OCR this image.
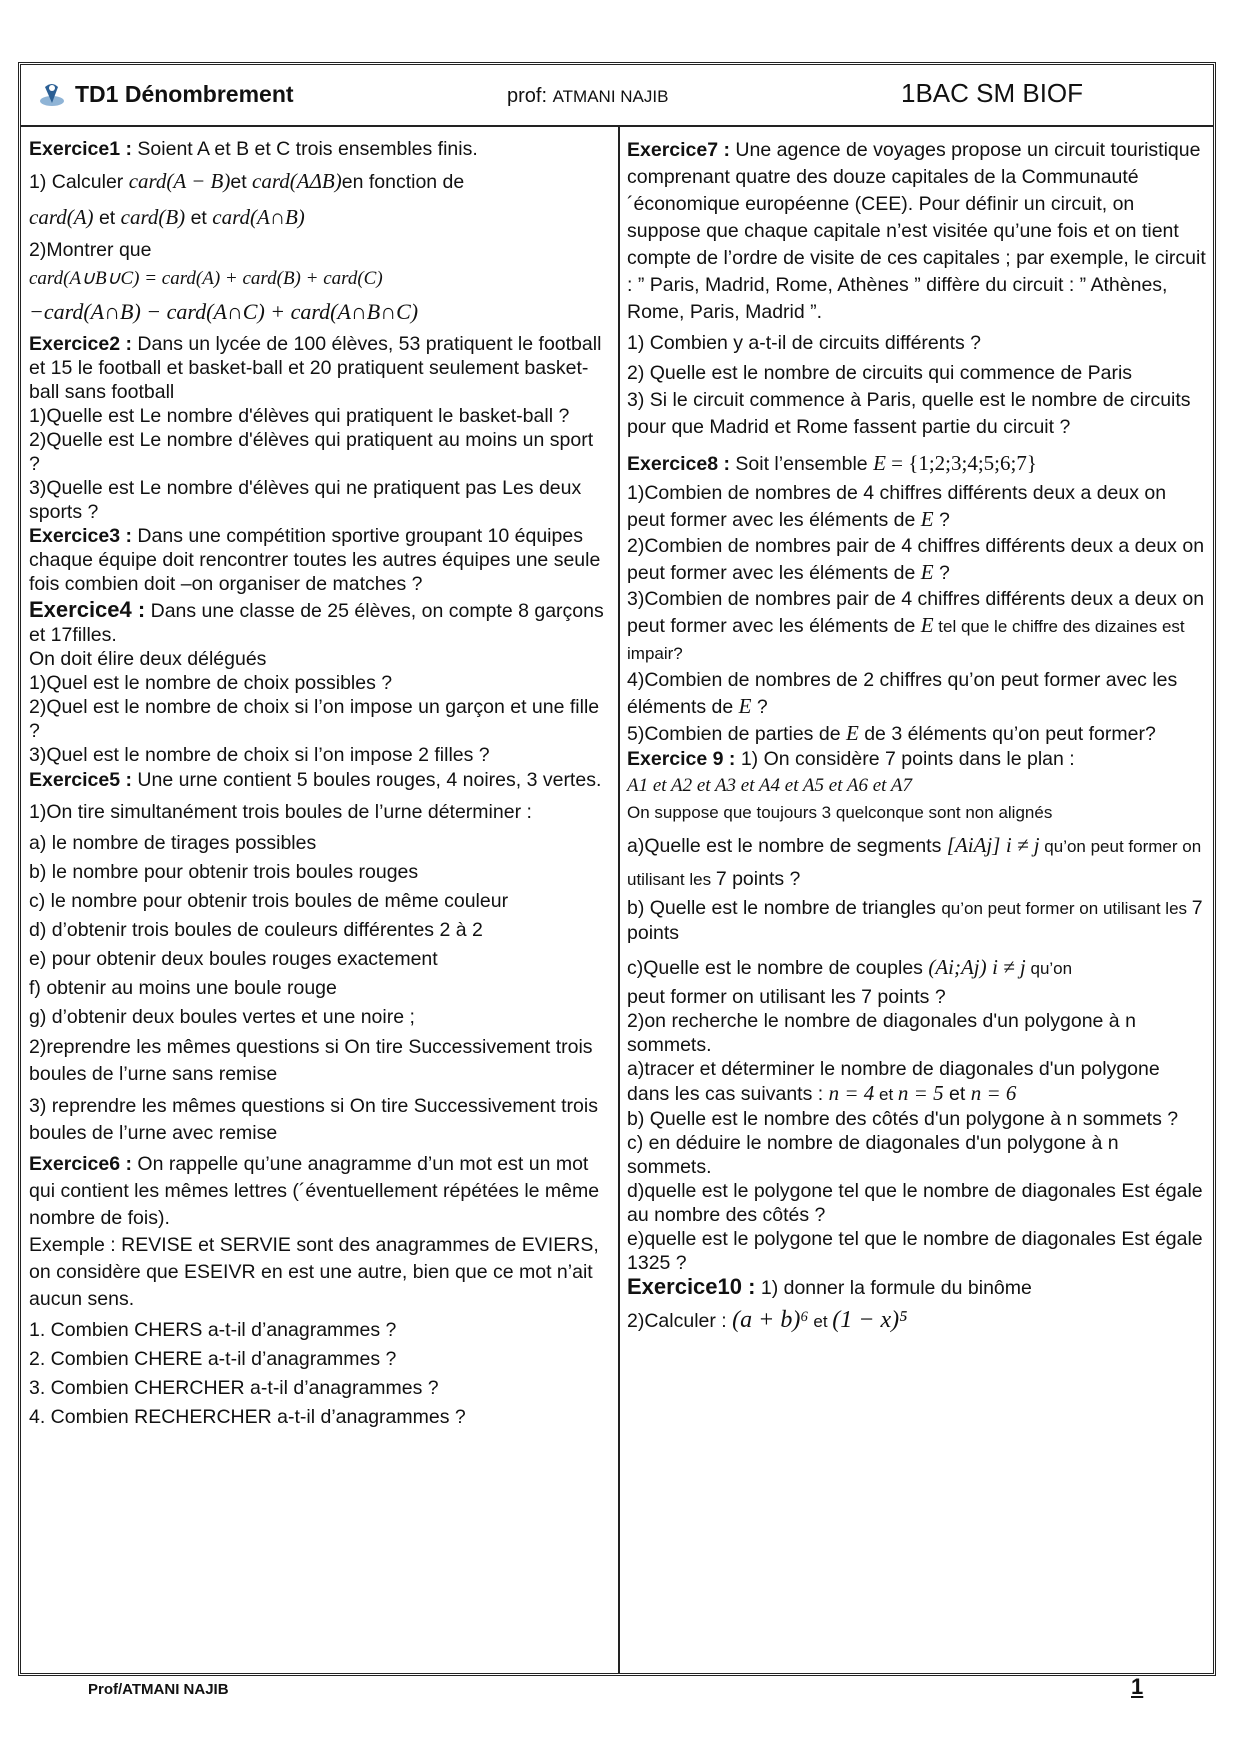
TD1 Dénombrement	prof: ATMANI NAJIB	1BAC SM BIOF

Exercice1 : Soient A et B et C trois ensembles finis.

1) Calculer card(A − B)et card(AΔB)en fonction de

card(A) et card(B) et card(A∩B)

2)Montrer que

card(A∪B∪C) = card(A) + card(B) + card(C)

−card(A∩B) − card(A∩C) + card(A∩B∩C)

Exercice2 : Dans un lycée de 100 élèves, 53 pratiquent le football et 15 le football et basket-ball et 20 pratiquent seulement basket-ball sans football

1)Quelle est Le nombre d'élèves qui pratiquent le basket-ball ?

2)Quelle est Le nombre d'élèves qui pratiquent au moins un sport ?

3)Quelle est Le nombre d'élèves qui ne pratiquent pas Les deux sports ?

Exercice3 : Dans une compétition sportive groupant 10 équipes chaque équipe doit rencontrer toutes les autres équipes une seule fois combien doit –on organiser de matches ?

Exercice4 : Dans une classe de 25 élèves, on compte 8 garçons et 17filles.

On doit élire deux délégués

1)Quel est le nombre de choix possibles ?

2)Quel est le nombre de choix si l’on impose un garçon et une fille ?

3)Quel est le nombre de choix si l’on impose 2 filles ?

Exercice5 : Une urne contient 5 boules rouges, 4 noires, 3 vertes.

1)On tire simultanément trois boules de l’urne déterminer :

a) le nombre de tirages possibles

b) le nombre pour obtenir trois boules rouges

c) le nombre pour obtenir trois boules de même couleur

d) d’obtenir trois boules de couleurs différentes 2 à 2

e) pour obtenir deux boules rouges exactement

f) obtenir au moins une boule rouge

g) d’obtenir deux boules vertes et une noire ;

2)reprendre les mêmes questions si On tire Successivement trois boules de l’urne sans remise

3) reprendre les mêmes questions si On tire Successivement trois boules de l’urne avec remise

Exercice6 : On rappelle qu’une anagramme d’un mot est un mot qui contient les mêmes lettres (´éventuellement répétées le même nombre de fois).

Exemple : REVISE et SERVIE sont des anagrammes de EVIERS, on considère que ESEIVR en est une autre, bien que ce mot n’ait aucun sens.

1. Combien CHERS a-t-il d’anagrammes ?

2. Combien CHERE a-t-il d’anagrammes ?

3. Combien CHERCHER a-t-il d’anagrammes ?

4. Combien RECHERCHER a-t-il d’anagrammes ?

Exercice7 : Une agence de voyages propose un circuit touristique comprenant quatre des douze capitales de la Communauté ´économique européenne (CEE). Pour définir un circuit, on suppose que chaque capitale n’est visitée qu’une fois et on tient compte de l’ordre de visite de ces capitales ; par exemple, le circuit : ” Paris, Madrid, Rome, Athènes ” diffère du circuit : ” Athènes, Rome, Paris, Madrid ”.

1) Combien y a-t-il de circuits différents ?

2) Quelle est le nombre de circuits qui commence de Paris

3) Si le circuit commence à Paris, quelle est le nombre de circuits pour que Madrid et Rome fassent partie du circuit ?

Exercice8 : Soit l’ensemble E = {1;2;3;4;5;6;7}

1)Combien de nombres de 4 chiffres différents deux a deux on peut former avec les éléments de E ?

2)Combien de nombres pair de 4 chiffres différents deux a deux on peut former avec les éléments de E ?

3)Combien de nombres pair de 4 chiffres différents deux a deux on peut former avec les éléments de E tel que le chiffre des dizaines est impair?

4)Combien de nombres de 2 chiffres qu’on peut former avec les éléments de E ?

5)Combien de parties de E de 3 éléments qu’on peut former?

Exercice 9 : 1) On considère 7 points dans le plan :

A1 et A2 et A3 et A4 et A5 et A6 et A7

On suppose que toujours 3 quelconque sont non alignés

a)Quelle est le nombre de segments [AiAj] i ≠ j qu’on peut former on utilisant les 7 points ?

b) Quelle est le nombre de triangles qu’on peut former on utilisant les 7 points

c)Quelle est le nombre de couples (Ai;Aj) i ≠ j qu’on

peut former on utilisant les 7 points ?

2)on recherche le nombre de diagonales d'un polygone à n sommets.

a)tracer et déterminer le nombre de diagonales d'un polygone dans les cas suivants : n = 4 et n = 5 et n = 6

b) Quelle est le nombre des côtés d'un polygone à n sommets ?

c) en déduire le nombre de diagonales d'un polygone à n sommets.

d)quelle est le polygone tel que le nombre de diagonales Est égale au nombre des côtés ?

e)quelle est le polygone tel que le nombre de diagonales Est égale 1325 ?

Exercice10 : 1) donner la formule du binôme

2)Calculer : (a + b)⁶ et (1 − x)⁵

Prof/ATMANI NAJIB	1
